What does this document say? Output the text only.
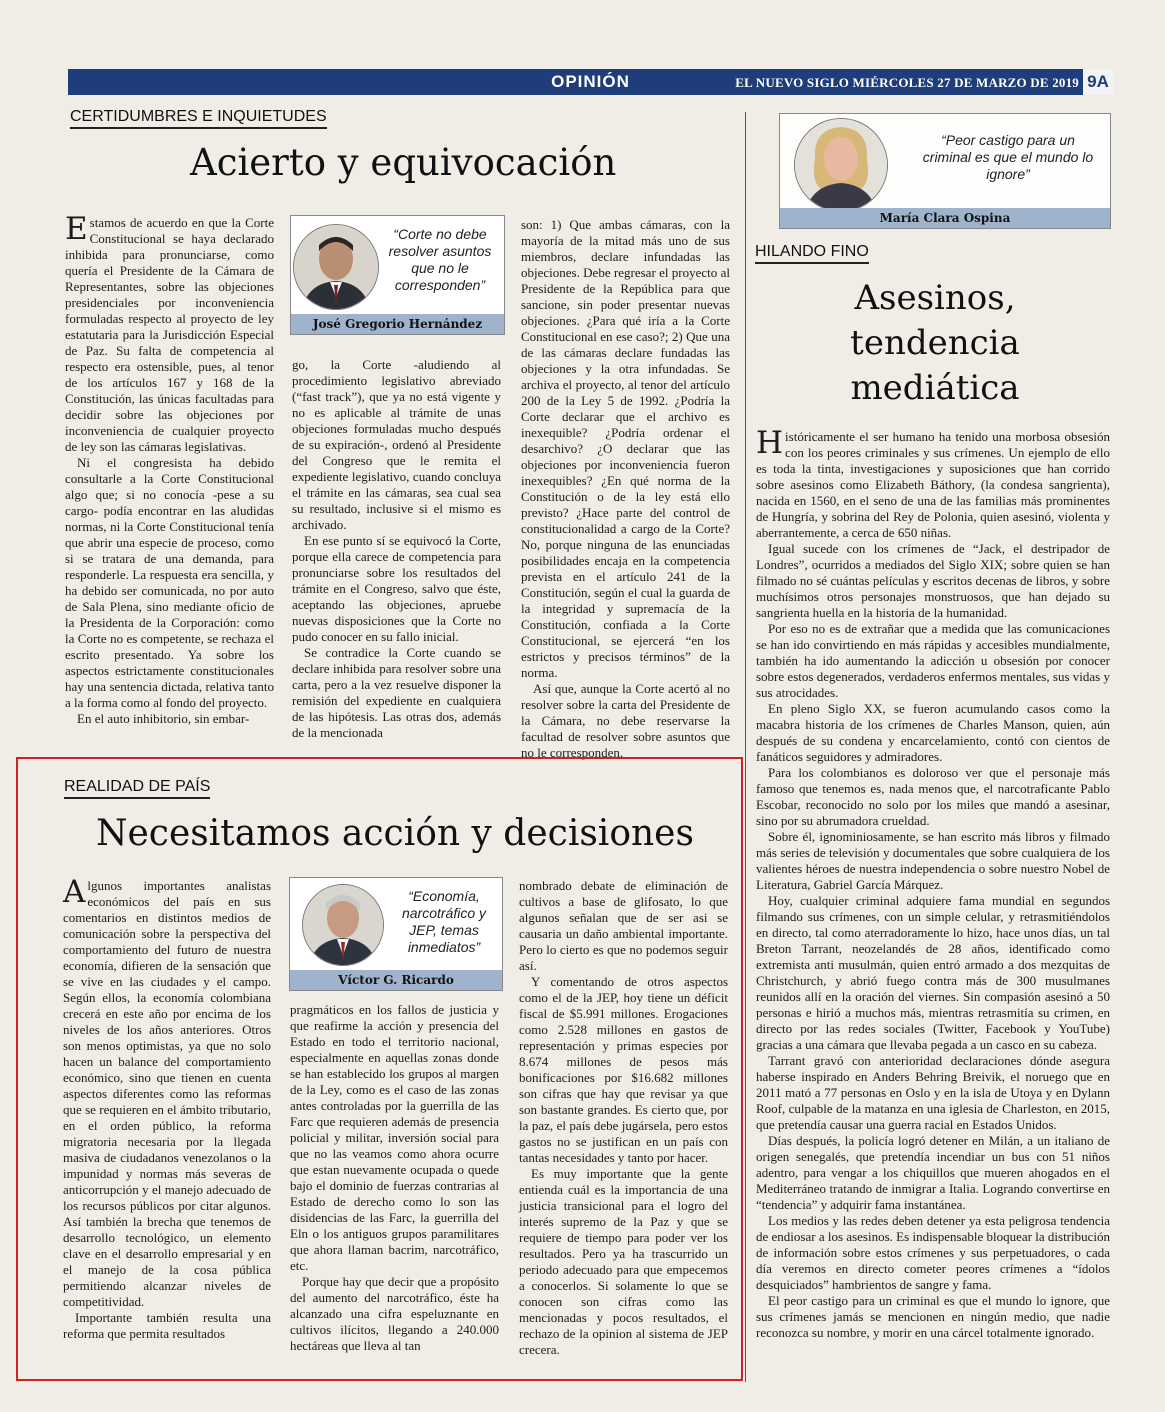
OPINIÓN	EL NUEVO SIGLO MIÉRCOLES 27 DE MARZO DE 2019 9A
CERTIDUMBRES E INQUIETUDES
Acierto y equivocación

Estamos de acuerdo en que la Corte Constitucional se haya declarado inhibida para pronunciarse, como quería el Presidente de la Cámara de Representantes, sobre las objeciones presidenciales por inconveniencia formuladas respecto al proyecto de ley estatutaria para la Jurisdicción Especial de Paz. Su falta de competencia al respecto era ostensible, pues, al tenor de los artículos 167 y 168 de la Constitución, las únicas facultadas para decidir sobre las objeciones por inconveniencia de cualquier proyecto de ley son las cámaras legislativas.

Ni el congresista ha debido consultarle a la Corte Constitucional algo que; si no conocía -pese a su cargo- podía encontrar en las aludidas normas, ni la Corte Constitucional tenía que abrir una especie de proceso, como si se tratara de una demanda, para responderle. La respuesta era sencilla, y ha debido ser comunicada, no por auto de Sala Plena, sino mediante oficio de la Presidenta de la Corporación: como la Corte no es competente, se rechaza el escrito presentado. Ya sobre los aspectos estrictamente constitucionales hay una sentencia dictada, relativa tanto a la forma como al fondo del proyecto.

En el auto inhibitorio, sin embar-

“Corte no debe resolver asuntos que no le corresponden”
José Gregorio Hernández

go, la Corte -aludiendo al procedimiento legislativo abreviado (“fast track”), que ya no está vigente y no es aplicable al trámite de unas objeciones formuladas mucho después de su expiración-, ordenó al Presidente del Congreso que le remita el expediente legislativo, cuando concluya el trámite en las cámaras, sea cual sea su resultado, inclusive si el mismo es archivado.

En ese punto sí se equivocó la Corte, porque ella carece de competencia para pronunciarse sobre los resultados del trámite en el Congreso, salvo que éste, aceptando las objeciones, apruebe nuevas disposiciones que la Corte no pudo conocer en su fallo inicial.

Se contradice la Corte cuando se declare inhibida para resolver sobre una carta, pero a la vez resuelve disponer la remisión del expediente en cualquiera de las hipótesis. Las otras dos, además de la mencionada

son: 1) Que ambas cámaras, con la mayoría de la mitad más uno de sus miembros, declare infundadas las objeciones. Debe regresar el proyecto al Presidente de la República para que sancione, sin poder presentar nuevas objeciones. ¿Para qué iría a la Corte Constitucional en ese caso?; 2) Que una de las cámaras declare fundadas las objeciones y la otra infundadas. Se archiva el proyecto, al tenor del artículo 200 de la Ley 5 de 1992. ¿Podría la Corte declarar que el archivo es inexequible? ¿Podría ordenar el desarchivo? ¿O declarar que las objeciones por inconveniencia fueron inexequibles? ¿En qué norma de la Constitución o de la ley está ello previsto? ¿Hace parte del control de constitucionalidad a cargo de la Corte? No, porque ninguna de las enunciadas posibilidades encaja en la competencia prevista en el artículo 241 de la Constitución, según el cual la guarda de la integridad y supremacía de la Constitución, confiada a la Corte Constitucional, se ejercerá “en los estrictos y precisos términos” de la norma.

Así que, aunque la Corte acertó al no resolver sobre la carta del Presidente de la Cámara, no debe reservarse la facultad de resolver sobre asuntos que no le corresponden.

REALIDAD DE PAÍS
Necesitamos acción y decisiones

Algunos importantes analistas económicos del país en sus comentarios en distintos medios de comunicación sobre la perspectiva del comportamiento del futuro de nuestra economía, difieren de la sensación que se vive en las ciudades y el campo. Según ellos, la economía colombiana crecerá en este año por encima de los niveles de los años anteriores. Otros son menos optimistas, ya que no solo hacen un balance del comportamiento económico, sino que tienen en cuenta aspectos diferentes como las reformas que se requieren en el ámbito tributario, en el orden público, la reforma migratoria necesaria por la llegada masiva de ciudadanos venezolanos o la impunidad y normas más severas de anticorrupción y el manejo adecuado de los recursos públicos por citar algunos. Así también la brecha que tenemos de desarrollo tecnológico, un elemento clave en el desarrollo empresarial y en el manejo de la cosa pública permitiendo alcanzar niveles de competitividad.

Importante también resulta una reforma que permita resultados

“Economía, narcotráfico y JEP, temas inmediatos”
Víctor G. Ricardo

pragmáticos en los fallos de justicia y que reafirme la acción y presencia del Estado en todo el territorio nacional, especialmente en aquellas zonas donde se han establecido los grupos al margen de la Ley, como es el caso de las zonas antes controladas por la guerrilla de las Farc que requieren además de presencia policial y militar, inversión social para que no las veamos como ahora ocurre que estan nuevamente ocupada o quede bajo el dominio de fuerzas contrarias al Estado de derecho como lo son las disidencias de las Farc, la guerrilla del Eln o los antiguos grupos paramilitares que ahora llaman bacrim, narcotráfico, etc.

Porque hay que decir que a propósito del aumento del narcotráfico, éste ha alcanzado una cifra espeluznante en cultivos ilícitos, llegando a 240.000 hectáreas que lleva al tan

nombrado debate de eliminación de cultivos a base de glifosato, lo que algunos señalan que de ser asi se causaria un daño ambiental importante. Pero lo cierto es que no podemos seguir así.

Y comentando de otros aspectos como el de la JEP, hoy tiene un déficit fiscal de $5.991 millones. Erogaciones como 2.528 millones en gastos de representación y primas especies por 8.674 millones de pesos más bonificaciones por $16.682 millones son cifras que hay que revisar ya que son bastante grandes. Es cierto que, por la paz, el país debe jugársela, pero estos gastos no se justifican en un país con tantas necesidades y tanto por hacer.

Es muy importante que la gente entienda cuál es la importancia de una justicia transicional para el logro del interés supremo de la Paz y que se requiere de tiempo para poder ver los resultados. Pero ya ha trascurrido un periodo adecuado para que empecemos a conocerlos. Si solamente lo que se conocen son cifras como las mencionadas y pocos resultados, el rechazo de la opinion al sistema de JEP crecera.

“Peor castigo para un criminal es que el mundo lo ignore”
María Clara Ospina
HILANDO FINO
Asesinos,
tendencia
mediática

Históricamente el ser humano ha tenido una morbosa obsesión con los peores criminales y sus crímenes. Un ejemplo de ello es toda la tinta, investigaciones y suposiciones que han corrido sobre asesinos como Elizabeth Báthory, (la condesa sangrienta), nacida en 1560, en el seno de una de las familias más prominentes de Hungría, y sobrina del Rey de Polonia, quien asesinó, violenta y aberrantemente, a cerca de 650 niñas.

Igual sucede con los crímenes de “Jack, el destripador de Londres”, ocurridos a mediados del Siglo XIX; sobre quien se han filmado no sé cuántas películas y escritos decenas de libros, y sobre muchísimos otros personajes monstruosos, que han dejado su sangrienta huella en la historia de la humanidad.

Por eso no es de extrañar que a medida que las comunicaciones se han ido convirtiendo en más rápidas y accesibles mundialmente, también ha ido aumentando la adicción u obsesión por conocer sobre estos degenerados, verdaderos enfermos mentales, sus vidas y sus atrocidades.

En pleno Siglo XX, se fueron acumulando casos como la macabra historia de los crímenes de Charles Manson, quien, aún después de su condena y encarcelamiento, contó con cientos de fanáticos seguidores y admiradores.

Para los colombianos es doloroso ver que el personaje más famoso que tenemos es, nada menos que, el narcotraficante Pablo Escobar, reconocido no solo por los miles que mandó a asesinar, sino por su abrumadora crueldad.

Sobre él, ignominiosamente, se han escrito más libros y filmado más series de televisión y documentales que sobre cualquiera de los valientes héroes de nuestra independencia o sobre nuestro Nobel de Literatura, Gabriel García Márquez.

Hoy, cualquier criminal adquiere fama mundial en segundos filmando sus crímenes, con un simple celular, y retrasmitiéndolos en directo, tal como aterradoramente lo hizo, hace unos días, un tal Breton Tarrant, neozelandés de 28 años, identificado como extremista anti musulmán, quien entró armado a dos mezquitas de Christchurch, y abrió fuego contra más de 300 musulmanes reunidos allí en la oración del viernes. Sin compasión asesinó a 50 personas e hirió a muchos más, mientras retrasmitía su crimen, en directo por las redes sociales (Twitter, Facebook y YouTube) gracias a una cámara que llevaba pegada a un casco en su cabeza.

Tarrant gravó con anterioridad declaraciones dónde asegura haberse inspirado en Anders Behring Breivik, el noruego que en 2011 mató a 77 personas en Oslo y en la isla de Utoya y en Dylann Roof, culpable de la matanza en una iglesia de Charleston, en 2015, que pretendía causar una guerra racial en Estados Unidos.

Días después, la policía logró detener en Milán, a un italiano de origen senegalés, que pretendía incendiar un bus con 51 niños adentro, para vengar a los chiquillos que mueren ahogados en el Mediterráneo tratando de inmigrar a Italia. Logrando convertirse en “tendencia” y adquirir fama instantánea.

Los medios y las redes deben detener ya esta peligrosa tendencia de endiosar a los asesinos. Es indispensable bloquear la distribución de información sobre estos crímenes y sus perpetuadores, o cada día veremos en directo cometer peores crímenes a “ídolos desquiciados” hambrientos de sangre y fama.

El peor castigo para un criminal es que el mundo lo ignore, que sus crímenes jamás se mencionen en ningún medio, que nadie reconozca su nombre, y morir en una cárcel totalmente ignorado.
